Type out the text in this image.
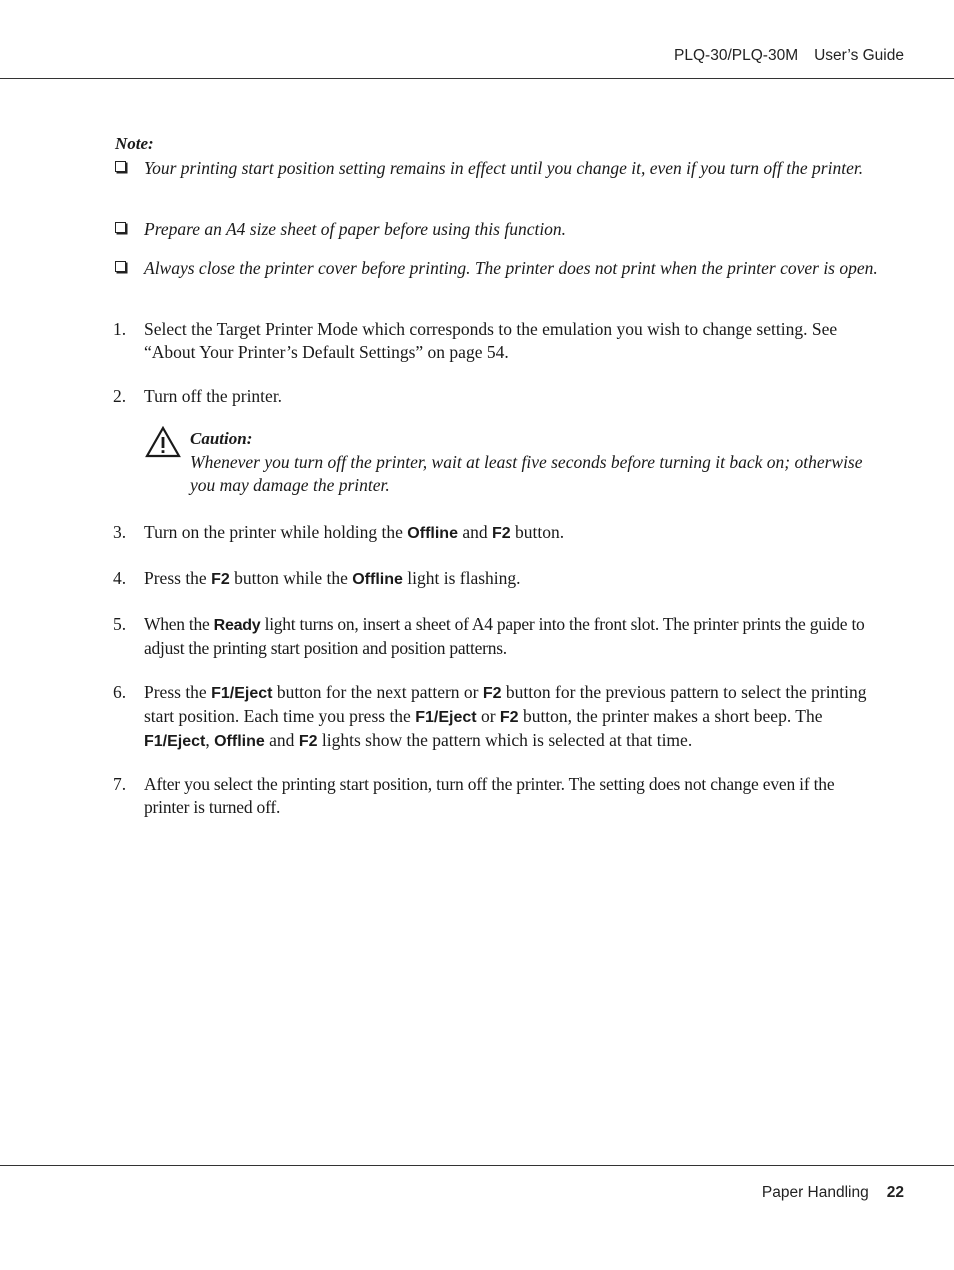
PLQ-30/PLQ-30M User’s Guide
Note:
Your printing start position setting remains in effect until you change it, even if you turn off the printer.
Prepare an A4 size sheet of paper before using this function.
Always close the printer cover before printing. The printer does not print when the printer cover is open.
1.	Select the Target Printer Mode which corresponds to the emulation you wish to change setting. See “About Your Printer’s Default Settings” on page 54.
2.	Turn off the printer.
Caution:
Whenever you turn off the printer, wait at least five seconds before turning it back on; otherwise you may damage the printer.
3.	Turn on the printer while holding the Offline and F2 button.
4.	Press the F2 button while the Offline light is flashing.
5.	When the Ready light turns on, insert a sheet of A4 paper into the front slot. The printer prints the guide to adjust the printing start position and position patterns.
6.	Press the F1/Eject button for the next pattern or F2 button for the previous pattern to select the printing start position. Each time you press the F1/Eject or F2 button, the printer makes a short beep. The F1/Eject, Offline and F2 lights show the pattern which is selected at that time.
7.	After you select the printing start position, turn off the printer. The setting does not change even if the printer is turned off.
Paper Handling 22
